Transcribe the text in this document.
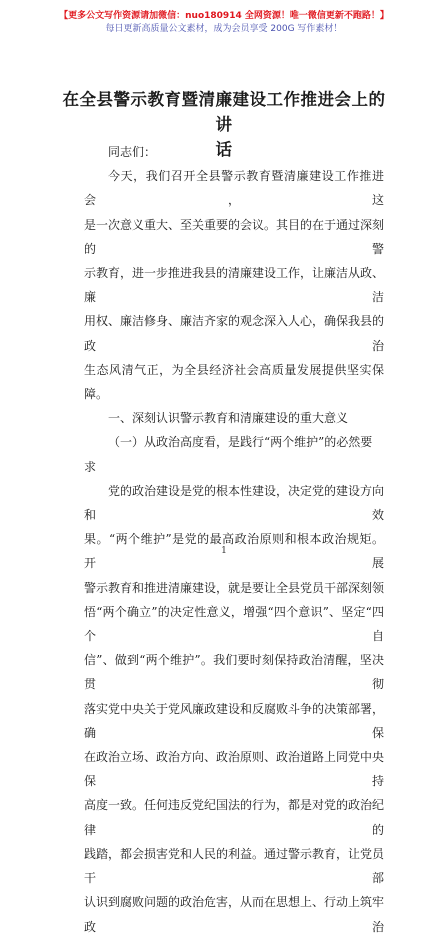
【更多公文写作资源请加微信：nuo180914 全网资源！唯一微信更新不跑路！】
每日更新高质量公文素材，成为会员享受 200G 写作素材！
在全县警示教育暨清廉建设工作推进会上的讲
话

同志们：

今天，我们召开全县警示教育暨清廉建设工作推进会，这

是一次意义重大、至关重要的会议。其目的在于通过深刻的警

示教育，进一步推进我县的清廉建设工作，让廉洁从政、廉洁

用权、廉洁修身、廉洁齐家的观念深入人心，确保我县的政治

生态风清气正，为全县经济社会高质量发展提供坚实保障。

一、深刻认识警示教育和清廉建设的重大意义

（一）从政治高度看，是践行“两个维护”的必然要求

党的政治建设是党的根本性建设，决定党的建设方向和效

果。“两个维护”是党的最高政治原则和根本政治规矩。开展

警示教育和推进清廉建设，就是要让全县党员干部深刻领

悟“两个确立”的决定性意义，增强“四个意识”、坚定“四个自

信”、做到“两个维护”。我们要时刻保持政治清醒，坚决贯彻

落实党中央关于党风廉政建设和反腐败斗争的决策部署，确保

在政治立场、政治方向、政治原则、政治道路上同党中央保持

高度一致。任何违反党纪国法的行为，都是对党的政治纪律的

践踏，都会损害党和人民的利益。通过警示教育，让党员干部

认识到腐败问题的政治危害，从而在思想上、行动上筑牢政治

1
